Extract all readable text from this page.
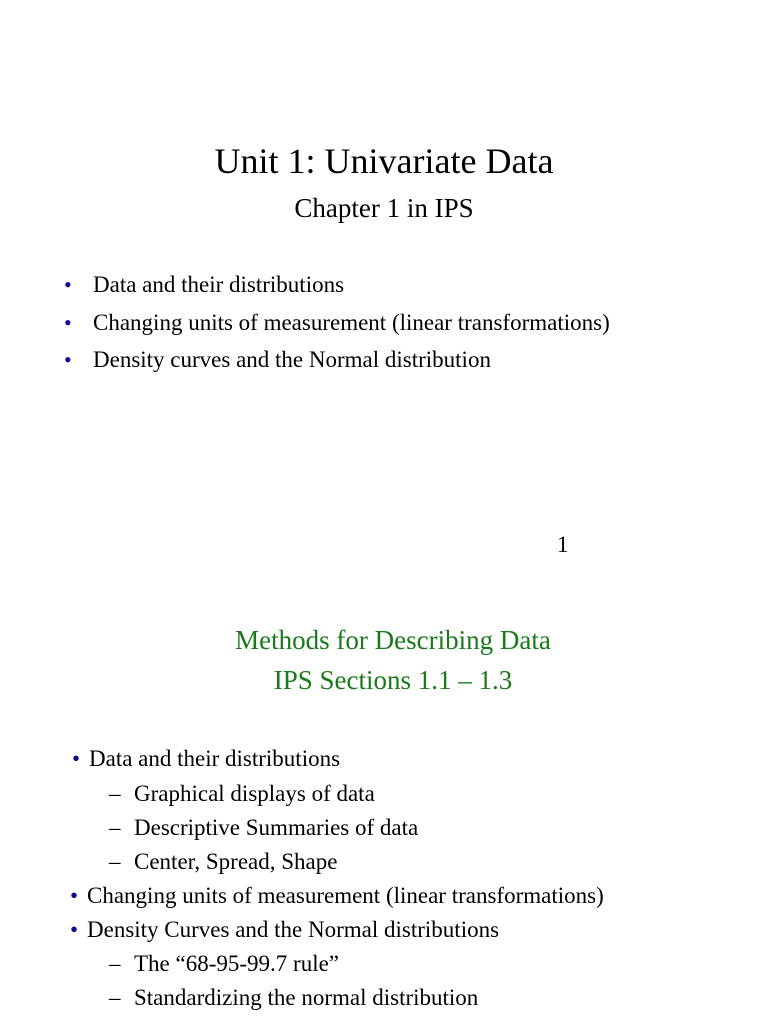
Unit 1: Univariate Data
Chapter 1 in IPS
• Data and their distributions
• Changing units of measurement (linear transformations)
• Density curves and the Normal distribution
1
Methods for Describing Data
IPS Sections 1.1 – 1.3
• Data and their distributions
– Graphical displays of data
– Descriptive Summaries of data
– Center, Spread, Shape
• Changing units of measurement (linear transformations)
• Density Curves and the Normal distributions
– The “68-95-99.7 rule”
– Standardizing the normal distribution
